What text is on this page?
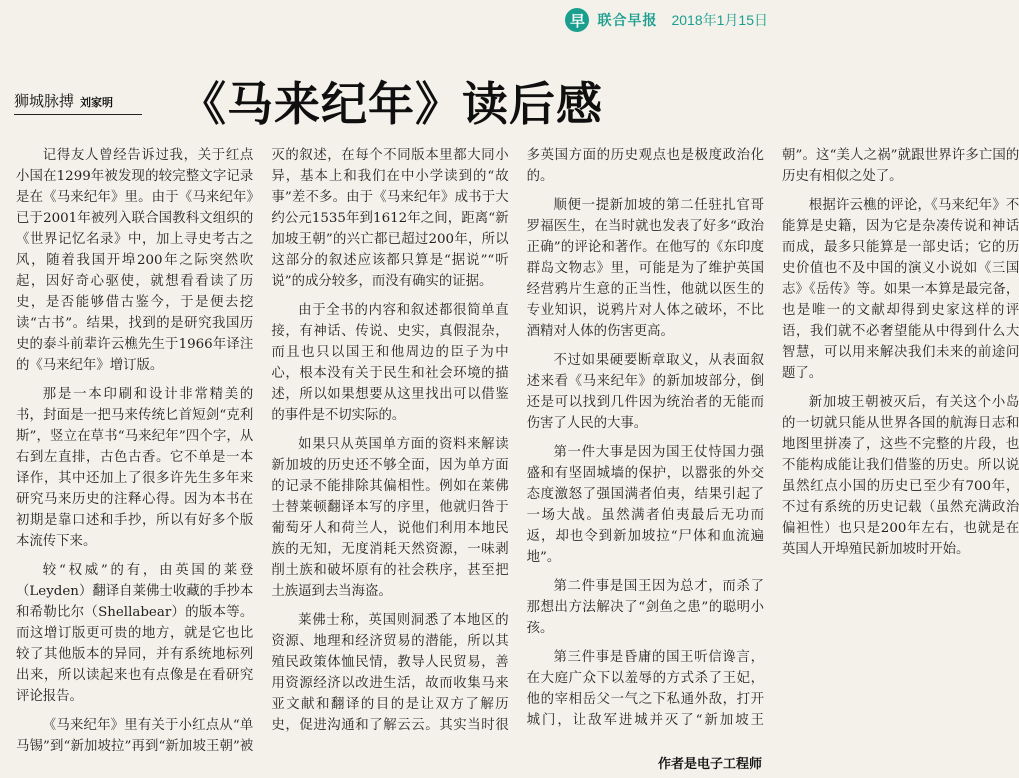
早 联合早报 2018年1月15日
狮城脉搏 刘家明 《马来纪年》读后感

记得友人曾经告诉过我，关于红点小国在1299年被发现的较完整文字记录是在《马来纪年》里。由于《马来纪年》已于2001年被列入联合国教科文组织的《世界记忆名录》中，加上寻史考古之风，随着我国开埠200年之际突然吹起，因好奇心驱使，就想看看读了历史，是否能够借古鉴今，于是便去挖读“古书”。结果，找到的是研究我国历史的泰斗前辈许云樵先生于1966年译注的《马来纪年》增订版。

那是一本印刷和设计非常精美的书，封面是一把马来传统匕首短剑“克利斯”，竖立在草书“马来纪年”四个字，从右到左直排，古色古香。它不单是一本译作，其中还加上了很多许先生多年来研究马来历史的注释心得。因为本书在初期是靠口述和手抄，所以有好多个版本流传下来。

较“权威”的有，由英国的莱登（Leyden）翻译自莱佛士收藏的手抄本和希勒比尔（Shellabear）的版本等。而这增订版更可贵的地方，就是它也比较了其他版本的异同，并有系统地标列出来，所以读起来也有点像是在看研究评论报告。

《马来纪年》里有关于小红点从“单马锡”到“新加坡拉”再到“新加坡王朝”被灭的叙述，在每个不同版本里都大同小异，基本上和我们在中小学读到的“故事”差不多。由于《马来纪年》成书于大约公元1535年到1612年之间，距离“新加坡王朝”的兴亡都已超过200年，所以这部分的叙述应该都只算是“据说”“听说”的成分较多，而没有确实的证据。

由于全书的内容和叙述都很简单直接，有神话、传说、史实，真假混杂，而且也只以国王和他周边的臣子为中心，根本没有关于民生和社会环境的描述，所以如果想要从这里找出可以借鉴的事件是不切实际的。

如果只从英国单方面的资料来解读新加坡的历史还不够全面，因为单方面的记录不能排除其偏相性。例如在莱佛士替莱顿翻译本写的序里，他就归咎于葡萄牙人和荷兰人，说他们利用本地民族的无知，无度消耗天然资源，一味剥削土族和破坏原有的社会秩序，甚至把土族逼到去当海盗。

莱佛士称，英国则洞悉了本地区的资源、地理和经济贸易的潜能，所以其殖民政策体恤民情，教导人民贸易，善用资源经济以改进生活，故而收集马来亚文献和翻译的目的是让双方了解历史，促进沟通和了解云云。其实当时很多英国方面的历史观点也是极度政治化的。

顺便一提新加坡的第二任驻扎官哥罗福医生，在当时就也发表了好多“政治正确”的评论和著作。在他写的《东印度群岛文物志》里，可能是为了维护英国经营鸦片生意的正当性，他就以医生的专业知识，说鸦片对人体之破坏，不比酒精对人体的伤害更高。

不过如果硬要断章取义，从表面叙述来看《马来纪年》的新加坡部分，倒还是可以找到几件因为统治者的无能而伤害了人民的大事。

第一件大事是因为国王仗恃国力强盛和有坚固城墙的保护，以嚣张的外交态度激怒了强国满者伯夷，结果引起了一场大战。虽然满者伯夷最后无功而返，却也令到新加坡拉“尸体和血流遍地”。

第二件事是国王因为总才，而杀了那想出方法解决了“剑鱼之患”的聪明小孩。

第三件事是昏庸的国王听信谗言，在大庭广众下以羞辱的方式杀了王妃，他的宰相岳父一气之下私通外敌，打开城门，让敌军进城并灭了“新加坡王朝”。这“美人之祸”就跟世界许多亡国的历史有相似之处了。

根据许云樵的评论，《马来纪年》不能算是史籍，因为它是杂凑传说和神话而成，最多只能算是一部史话；它的历史价值也不及中国的演义小说如《三国志》《岳传》等。如果一本算是最完备，也是唯一的文献却得到史家这样的评语，我们就不必奢望能从中得到什么大智慧，可以用来解决我们未来的前途问题了。

新加坡王朝被灭后，有关这个小岛的一切就只能从世界各国的航海日志和地图里拼凑了，这些不完整的片段，也不能构成能让我们借鉴的历史。所以说虽然红点小国的历史已至少有700年，不过有系统的历史记载（虽然充满政治偏袒性）也只是200年左右，也就是在英国人开埠殖民新加坡时开始。

作者是电子工程师
